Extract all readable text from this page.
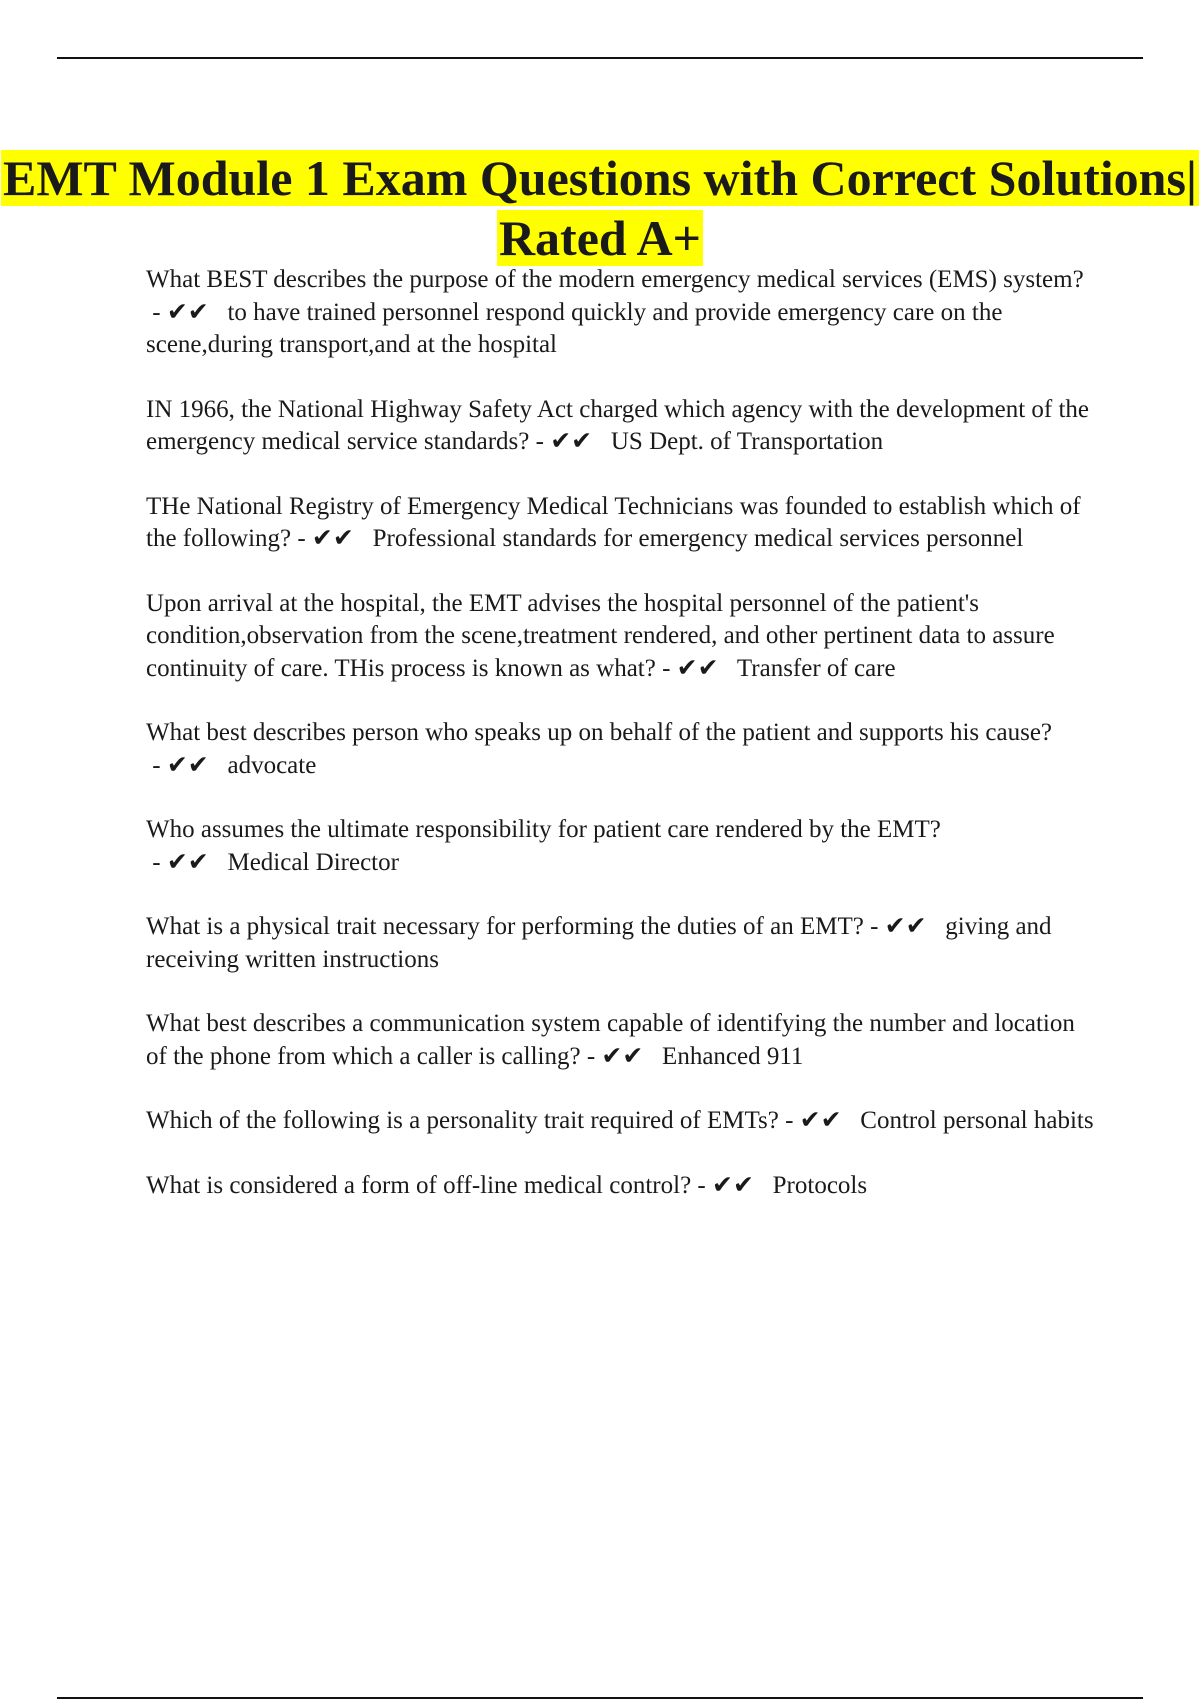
EMT Module 1 Exam Questions with Correct Solutions| Rated A+

What BEST describes the purpose of the modern emergency medical services (EMS) system? - ✔✔   to have trained personnel respond quickly and provide emergency care on the scene,during transport,and at the hospital

IN 1966, the National Highway Safety Act charged which agency with the development of the emergency medical service standards? - ✔✔   US Dept. of Transportation

THe National Registry of Emergency Medical Technicians was founded to establish which of the following? - ✔✔   Professional standards for emergency medical services personnel

Upon arrival at the hospital, the EMT advises the hospital personnel of the patient's condition,observation from the scene,treatment rendered, and other pertinent data to assure continuity of care. THis process is known as what? - ✔✔   Transfer of care

What best describes person who speaks up on behalf of the patient and supports his cause? - ✔✔   advocate

Who assumes the ultimate responsibility for patient care rendered by the EMT? - ✔✔   Medical Director

What is a physical trait necessary for performing the duties of an EMT? - ✔✔   giving and receiving written instructions

What best describes a communication system capable of identifying the number and location of the phone from which a caller is calling? - ✔✔   Enhanced 911

Which of the following is a personality trait required of EMTs? - ✔✔   Control personal habits

What is considered a form of off-line medical control? - ✔✔   Protocols
